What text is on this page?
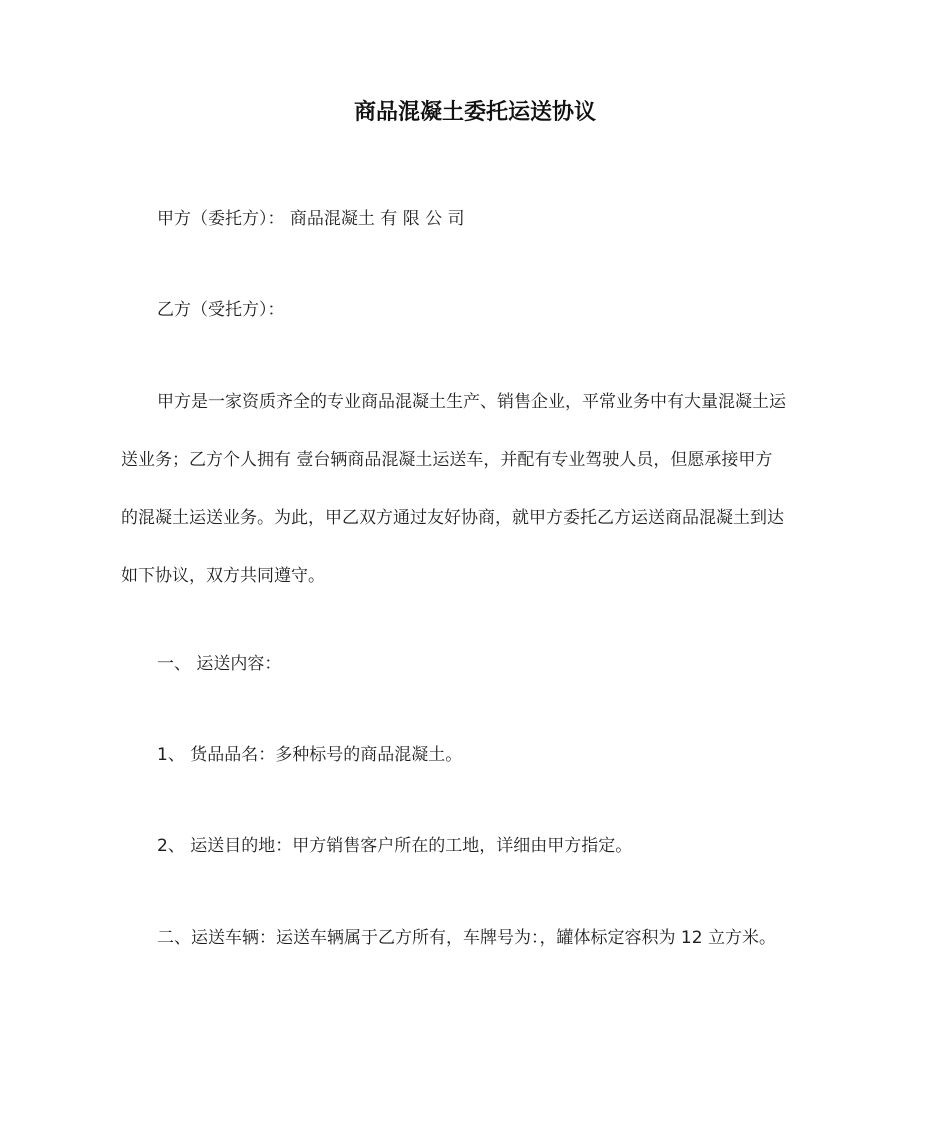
商品混凝土委托运送协议
甲方（委托方）： 商品混凝土 有 限 公 司
乙方（受托方）：
甲方是一家资质齐全的专业商品混凝土生产、销售企业，平常业务中有大量混凝土运
送业务；乙方个人拥有 壹台辆商品混凝土运送车，并配有专业驾驶人员，但愿承接甲方
的混凝土运送业务。为此，甲乙双方通过友好协商，就甲方委托乙方运送商品混凝土到达
如下协议，双方共同遵守。
一、 运送内容：
1、 货品品名：多种标号的商品混凝土。
2、 运送目的地：甲方销售客户所在的工地，详细由甲方指定。
二、运送车辆：运送车辆属于乙方所有，车牌号为：，罐体标定容积为 12 立方米。
